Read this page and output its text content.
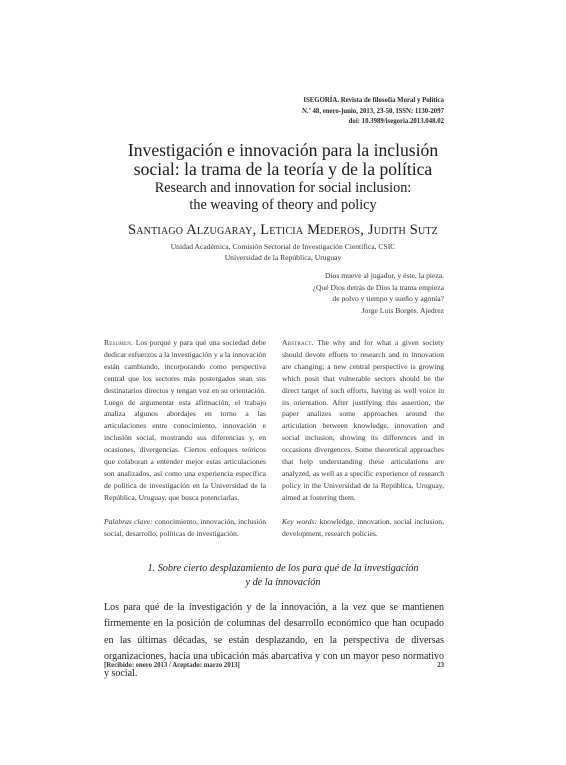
ISEGORÍA. Revista de filosofía Moral y Política
N.º 48, enero-junio, 2013, 23-50, ISSN: 1130-2097
doi: 10.3989/isegoria.2013.048.02
Investigación e innovación para la inclusión
social: la trama de la teoría y de la política
Research and innovation for social inclusion:
the weaving of theory and policy
Santiago Alzugaray, Leticia Mederos, Judith Sutz
Unidad Académica, Comisión Sectorial de Investigación Científica, CSIC
Universidad de la República, Uruguay
Dios mueve al jugador, y éste, la pieza.
¿Qué Dios detrás de Dios la trama empieza
de polvo y tiempo y sueño y agonía?
Jorge Luis Borges. Ajedrez

Resumen. Los porqué y para qué una sociedad debe dedicar esfuerzos a la investigación y a la innovación están cambiando, incorporando como perspectiva central que los sectores más postergados sean sus destinatarios directos y tengan voz en su orientación. Luego de argumentar esta afirmación, el trabajo analiza algunos abordajes en torno a las articulaciones entre conocimiento, innovación e inclusión social, mostrando sus diferencias y, en ocasiones, divergencias. Ciertos enfoques teóricos que colaboran a entender mejor estas articulaciones son analizados, así como una experiencia específica de política de investigación en la Universidad de la República, Uruguay, que busca potenciarlas.

Palabras clave: conocimiento, innovación, inclusión social, desarrollo, políticas de investigación.

Abstract. The why and for what a given society should devote efforts to research and to innovation are changing; a new central perspective is growing which posit that vulnerable sectors should be the direct target of such efforts, having as well voice in its orientation. After justifying this assertion, the paper analizes some approaches around the articulation between knowledge, innovation and social inclusion, showing its differences and in occasions divergences. Some theoretical approaches that help understanding these articulations are analyzed, as well as a specific experience of research policy in the Universidad de la República, Uruguay, aimed at fostering them.

Key words: knowledge, innovation, social inclusion, development, research policies.

1. Sobre cierto desplazamiento de los para qué de la investigación
y de la innovación

Los para qué de la investigación y de la innovación, a la vez que se mantienen firmemente en la posición de columnas del desarrollo económico que han ocupado en las últimas décadas, se están desplazando, en la perspectiva de diversas organizaciones, hacia una ubicación más abarcativa y con un mayor peso normativo y social.

[Recibido: enero 2013 / Aceptado: marzo 2013]	23
